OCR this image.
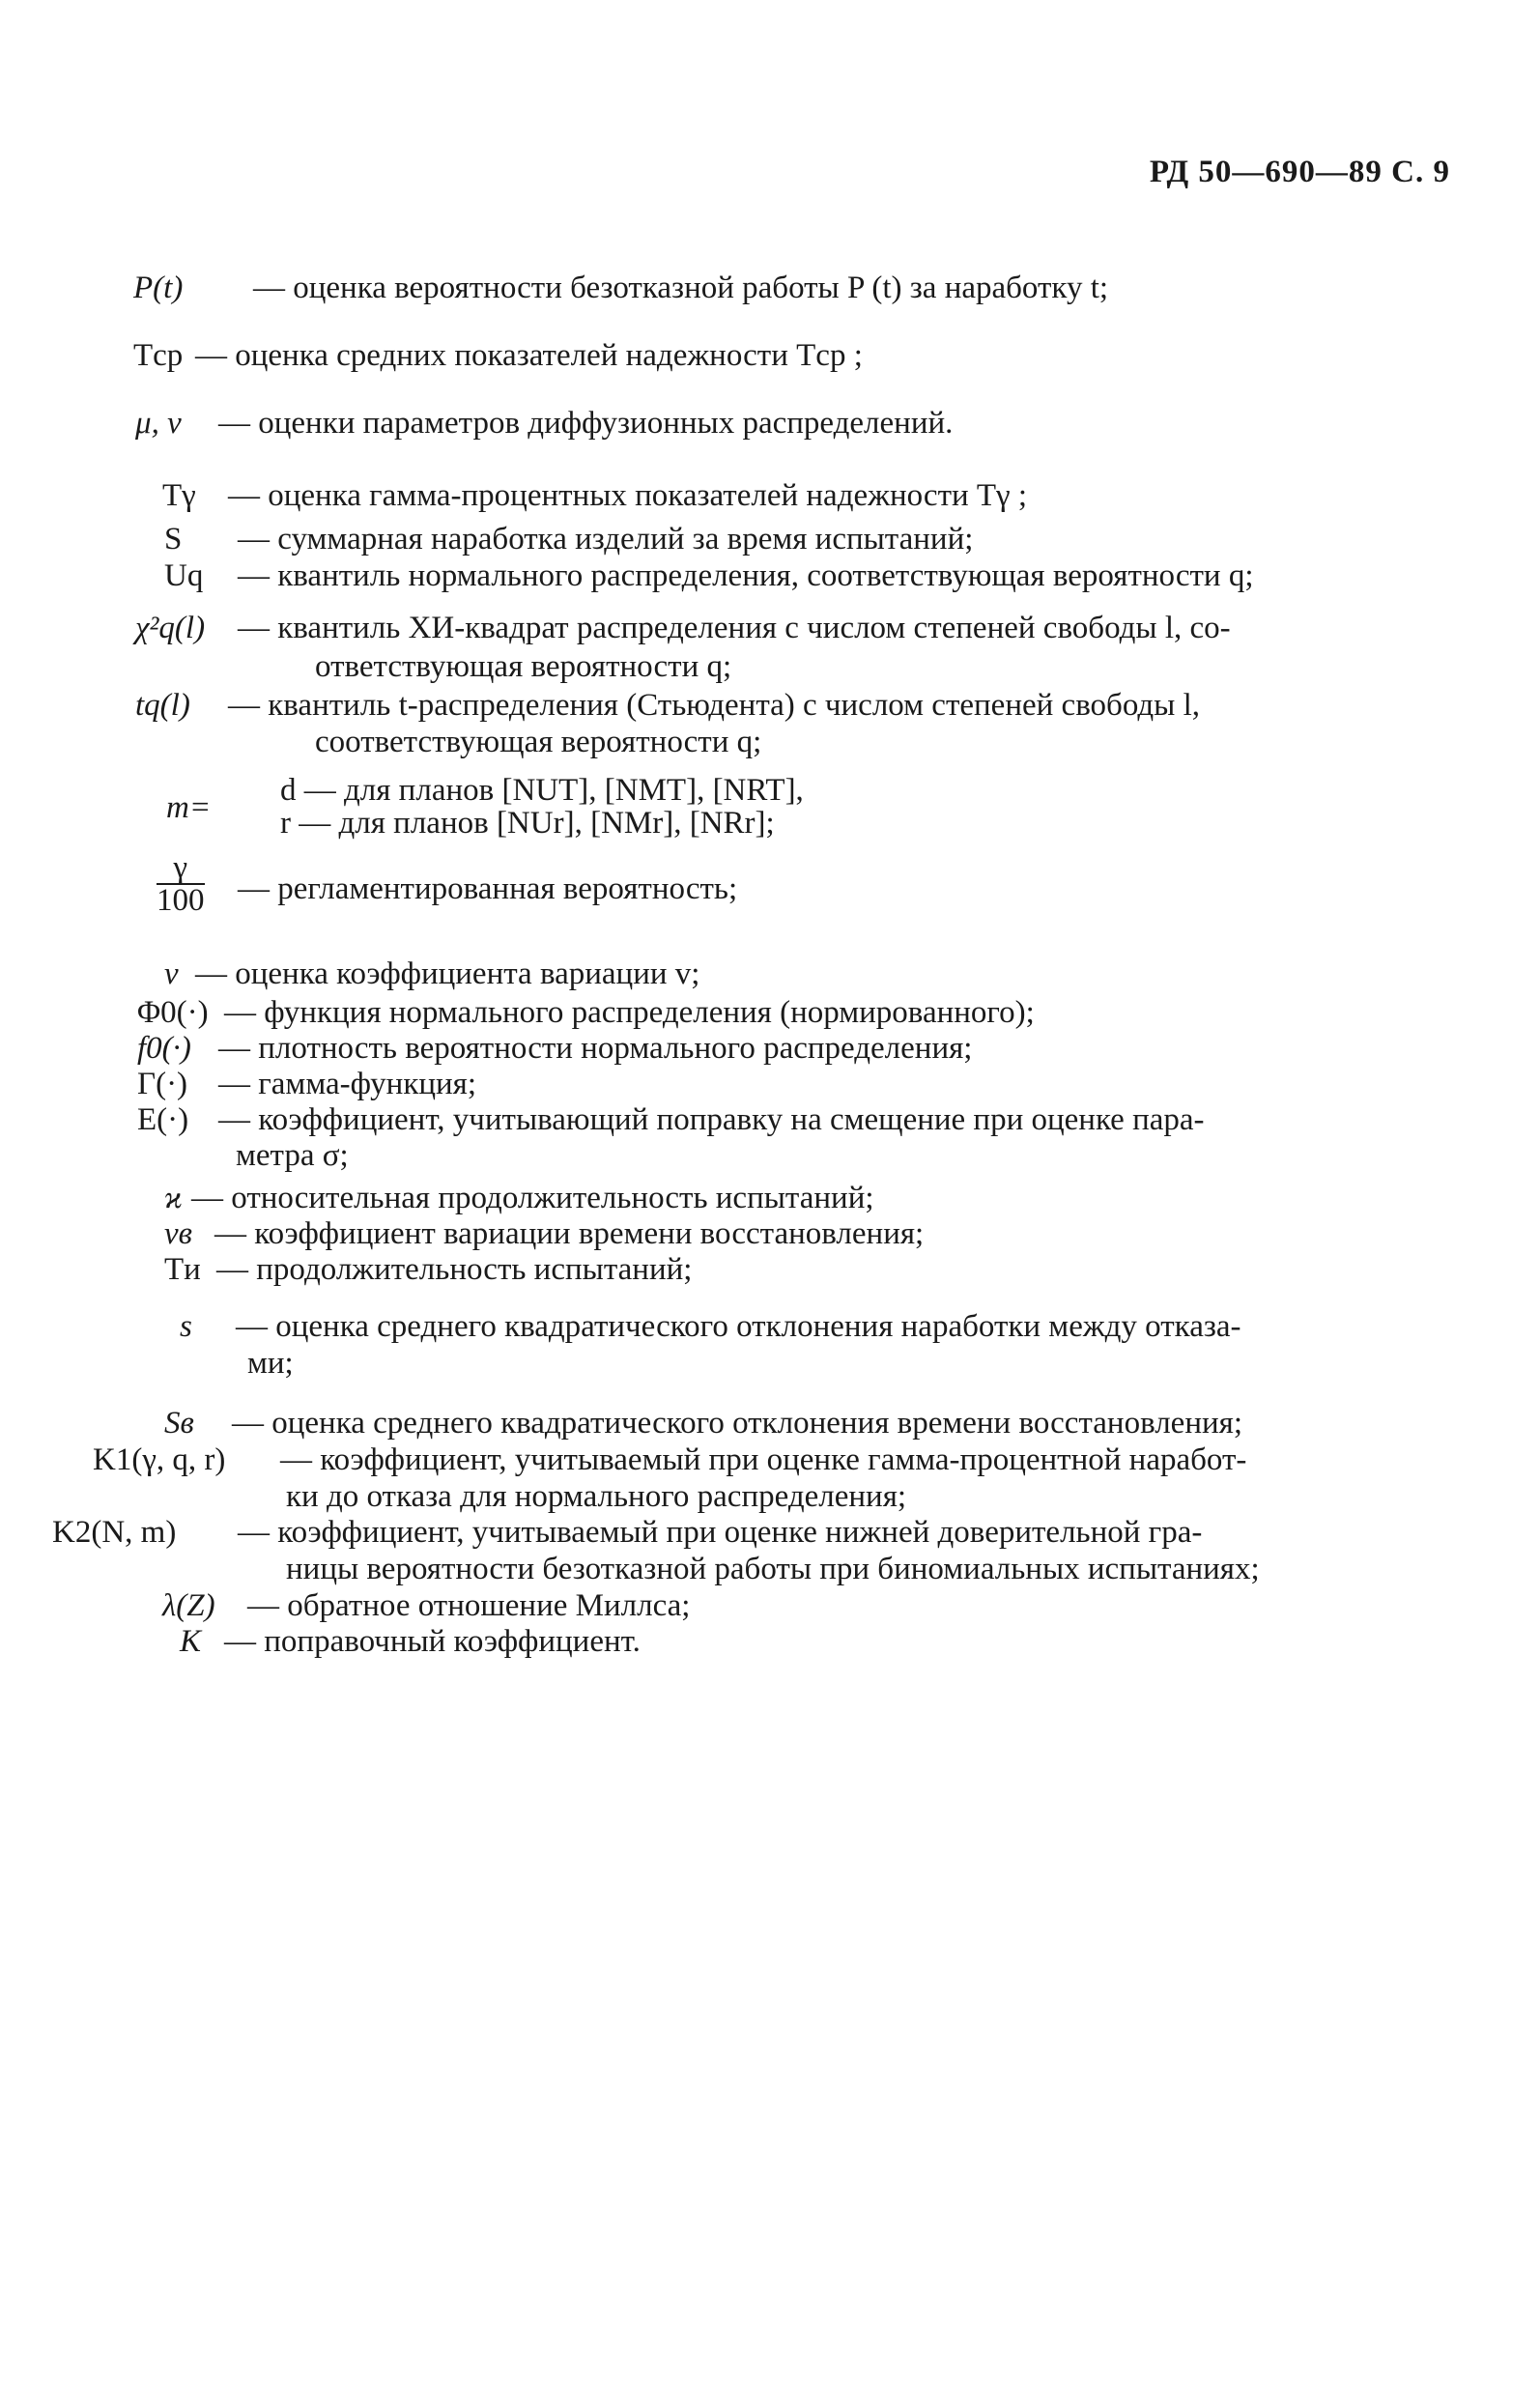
РД 50—690—89 С. 9
P(t) — оценка вероятности безотказной работы P (t) за наработку t;
Tср — оценка средних показателей надежности Tср ;
μ, v — оценки параметров диффузионных распределений.
Tγ — оценка гамма-процентных показателей надежности Tγ ;
S — суммарная наработка изделий за время испытаний;
Uq — квантиль нормального распределения, соответствующая вероятности q;
χ²q(l) — квантиль ХИ-квадрат распределения с числом степеней свободы l, со-
ответствующая вероятности q;
tq(l) — квантиль t-распределения (Стьюдента) с числом степеней свободы l,
соответствующая вероятности q;
m= d — для планов [NUT], [NMT], [NRT],
r — для планов [NUr], [NMr], [NRr];
$\frac{\gamma}{100}$ — регламентированная вероятность;
v — оценка коэффициента вариации v;
Φ0(·) — функция нормального распределения (нормированного);
f0(·) — плотность вероятности нормального распределения;
Г(·) — гамма-функция;
E(·) — коэффициент, учитывающий поправку на смещение при оценке пара-
метра σ;
ϰ — относительная продолжительность испытаний;
vв — коэффициент вариации времени восстановления;
Tи — продолжительность испытаний;
s — оценка среднего квадратического отклонения наработки между отказа-
ми;
Sв — оценка среднего квадратического отклонения времени восстановления;
K1(γ, q, r) — коэффициент, учитываемый при оценке гамма-процентной наработ-
ки до отказа для нормального распределения;
K2(N, m) — коэффициент, учитываемый при оценке нижней доверительной гра-
ницы вероятности безотказной работы при биномиальных испытаниях;
λ(Z) — обратное отношение Миллса;
K — поправочный коэффициент.
